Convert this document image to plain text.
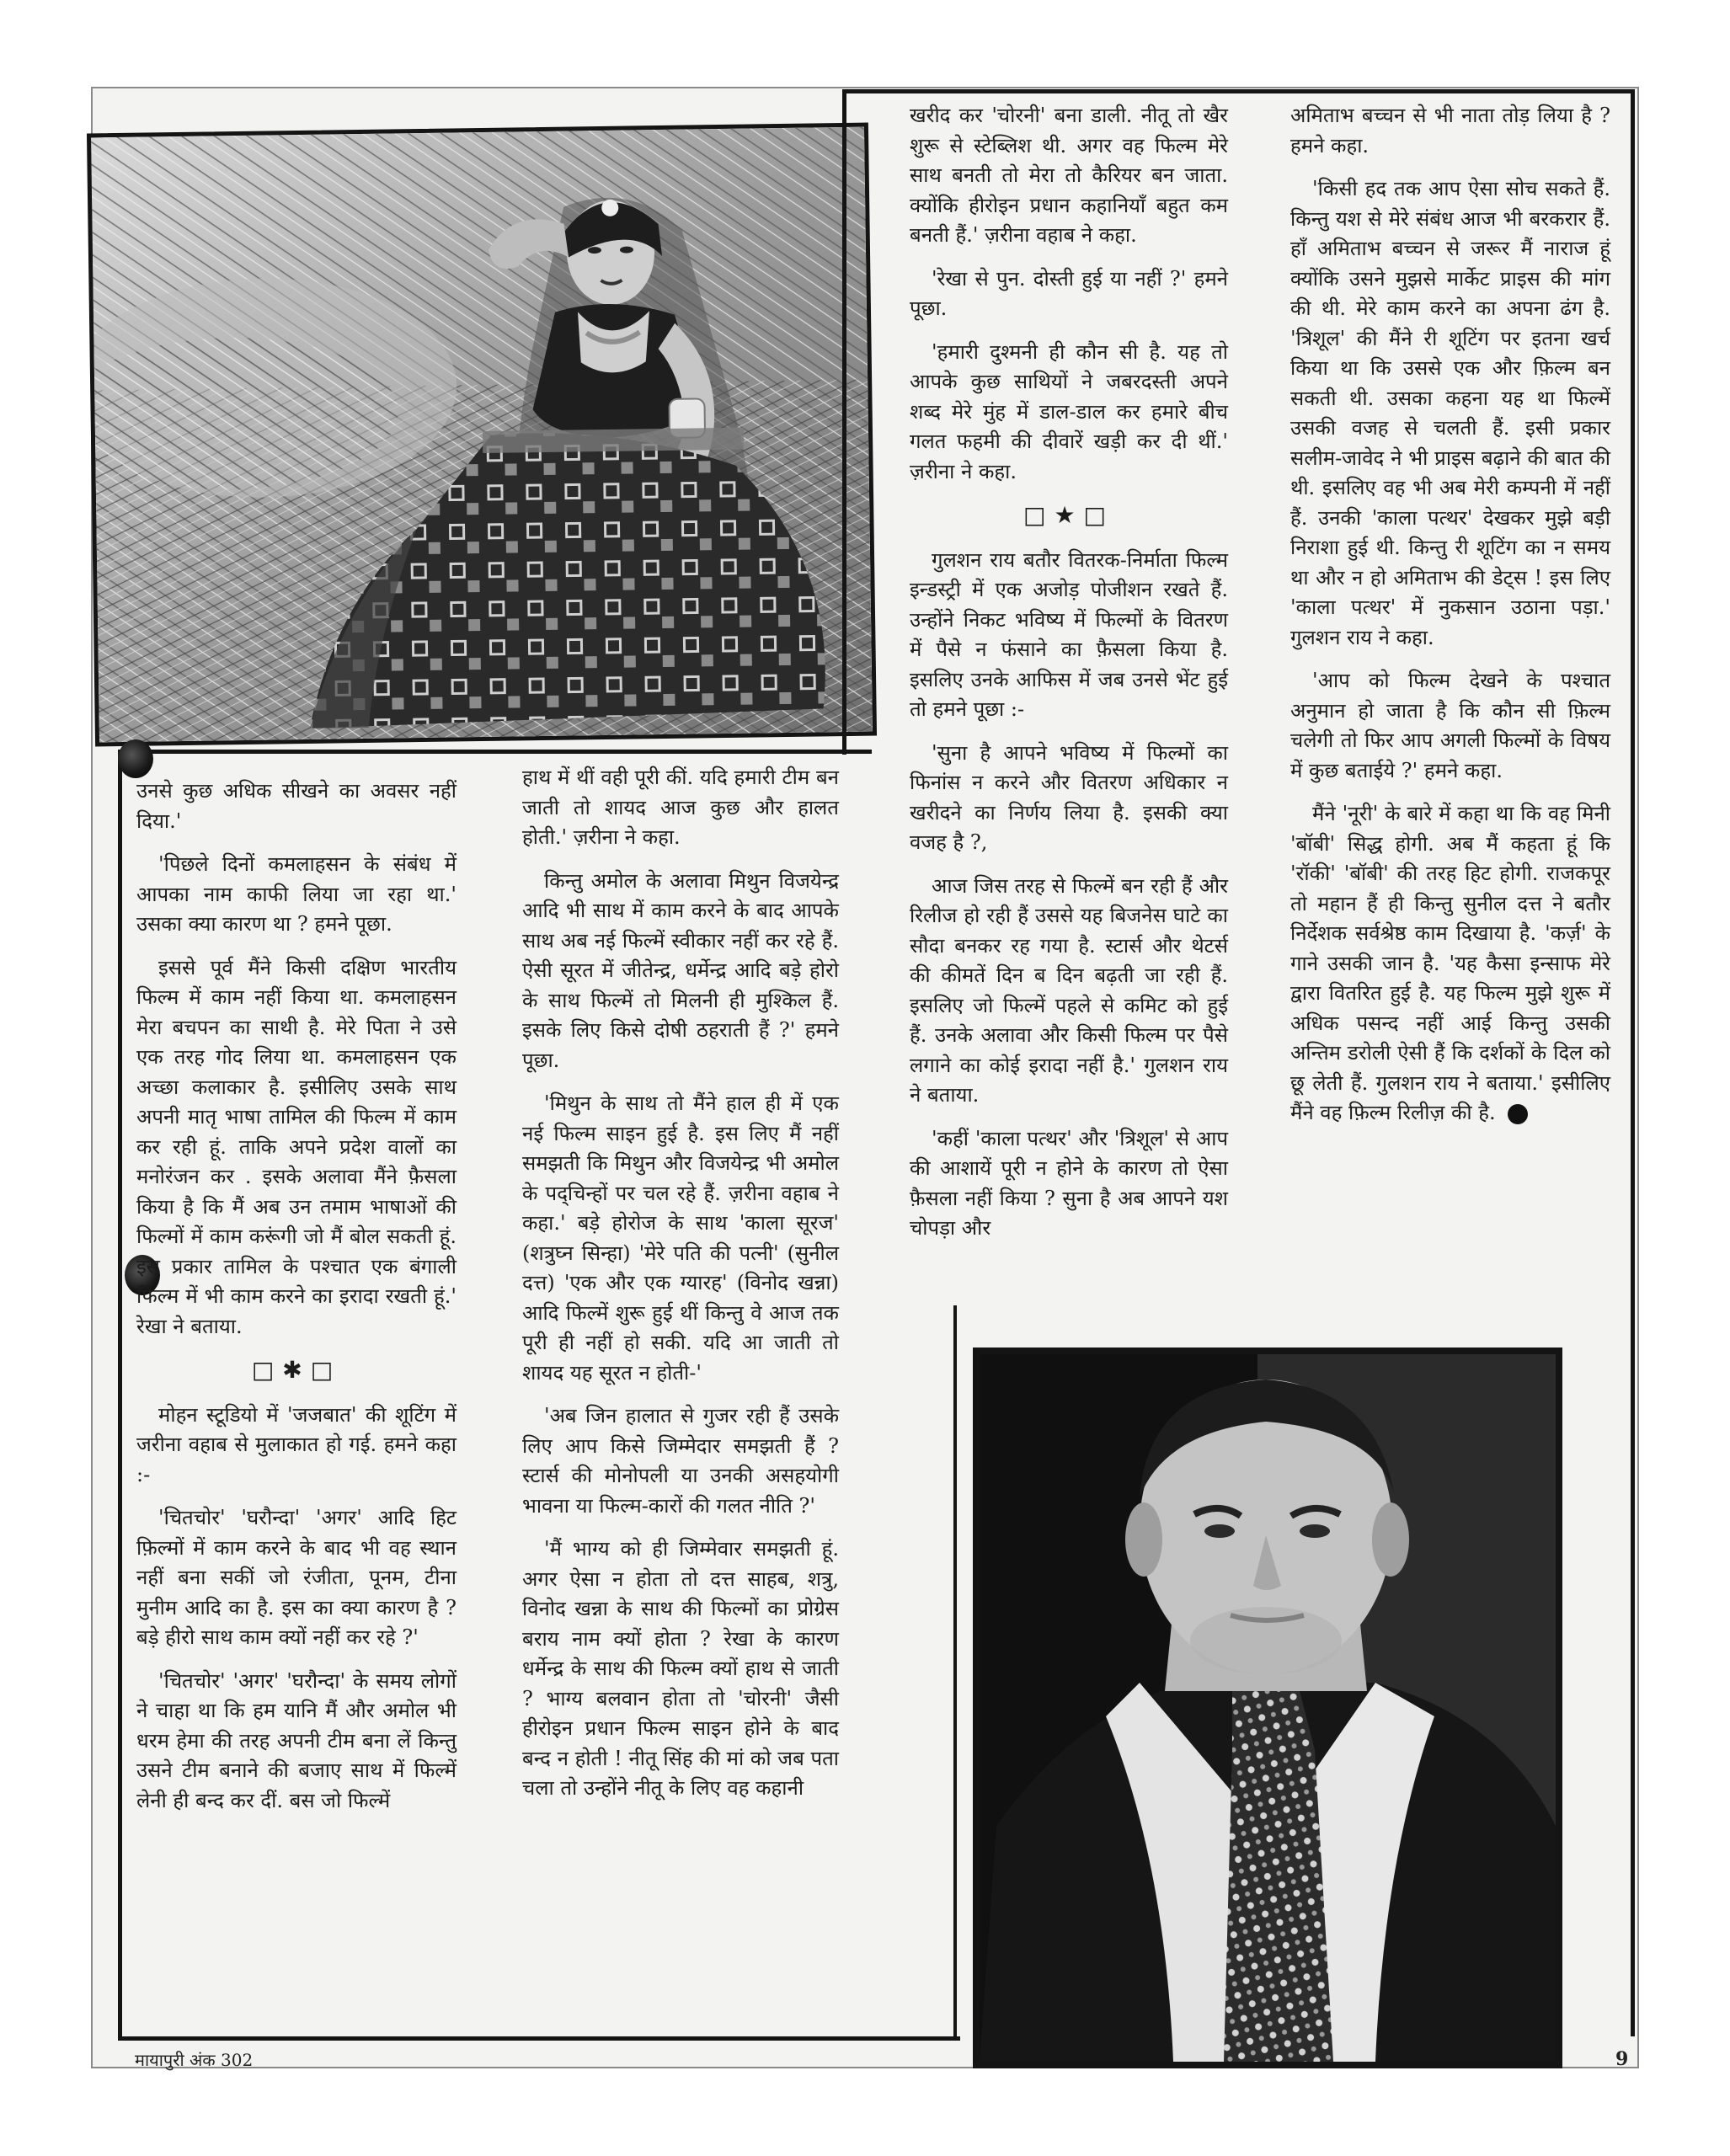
उनसे कुछ अधिक सीखने का अवसर नहीं दिया.'

'पिछले दिनों कमलाहसन के संबंध में आपका नाम काफी लिया जा रहा था.' उसका क्या कारण था ? हमने पूछा.

इससे पूर्व मैंने किसी दक्षिण भारतीय फिल्म में काम नहीं किया था. कमलाहसन मेरा बचपन का साथी है. मेरे पिता ने उसे एक तरह गोद लिया था. कमलाहसन एक अच्छा कलाकार है. इसीलिए उसके साथ अपनी मातृ भाषा तामिल की फिल्म में काम कर रही हूं. ताकि अपने प्रदेश वालों का मनोरंजन कर . इसके अलावा मैंने फ़ैसला किया है कि मैं अब उन तमाम भाषाओं की फिल्मों में काम करूंगी जो मैं बोल सकती हूं. इस प्रकार तामिल के पश्चात एक बंगाली फिल्म में भी काम करने का इरादा रखती हूं.' रेखा ने बताया.

□✱□

मोहन स्टूडियो में 'जजबात' की शूटिंग में जरीना वहाब से मुलाकात हो गई. हमने कहा :-

'चितचोर' 'घरौन्दा' 'अगर' आदि हिट फ़िल्मों में काम करने के बाद भी वह स्थान नहीं बना सकीं जो रंजीता, पूनम, टीना मुनीम आदि का है. इस का क्या कारण है ? बड़े हीरो साथ काम क्यों नहीं कर रहे ?'

'चितचोर' 'अगर' 'घरौन्दा' के समय लोगों ने चाहा था कि हम यानि मैं और अमोल भी धरम हेमा की तरह अपनी टीम बना लें किन्तु उसने टीम बनाने की बजाए साथ में फिल्में लेनी ही बन्द कर दीं. बस जो फिल्में

हाथ में थीं वही पूरी कीं. यदि हमारी टीम बन जाती तो शायद आज कुछ और हालत होती.' ज़रीना ने कहा.

किन्तु अमोल के अलावा मिथुन विजयेन्द्र आदि भी साथ में काम करने के बाद आपके साथ अब नई फिल्में स्वीकार नहीं कर रहे हैं. ऐसी सूरत में जीतेन्द्र, धर्मेन्द्र आदि बड़े होरो के साथ फिल्में तो मिलनी ही मुश्किल हैं. इसके लिए किसे दोषी ठहराती हैं ?' हमने पूछा.

'मिथुन के साथ तो मैंने हाल ही में एक नई फिल्म साइन हुई है. इस लिए मैं नहीं समझती कि मिथुन और विजयेन्द्र भी अमोल के पद्‌चिन्हों पर चल रहे हैं. ज़रीना वहाब ने कहा.' बड़े होरोज के साथ 'काला सूरज' (शत्रुघ्न सिन्हा) 'मेरे पति की पत्नी' (सुनील दत्त) 'एक और एक ग्यारह' (विनोद खन्ना) आदि फिल्में शुरू हुई थीं किन्तु वे आज तक पूरी ही नहीं हो सकी. यदि आ जाती तो शायद यह सूरत न होती-'

'अब जिन हालात से गुजर रही हैं उसके लिए आप किसे जिम्मेदार समझती हैं ? स्टार्स की मोनोपली या उनकी असहयोगी भावना या फिल्म-कारों की गलत नीति ?'

'मैं भाग्य को ही जिम्मेवार समझती हूं. अगर ऐसा न होता तो दत्त साहब, शत्रु, विनोद खन्ना के साथ की फिल्मों का प्रोग्रेस बराय नाम क्यों होता ? रेखा के कारण धर्मेन्द्र के साथ की फिल्म क्यों हाथ से जाती ? भाग्य बलवान होता तो 'चोरनी' जैसी हीरोइन प्रधान फिल्म साइन होने के बाद बन्द न होती ! नीतू सिंह की मां को जब पता चला तो उन्होंने नीतू के लिए वह कहानी

खरीद कर 'चोरनी' बना डाली. नीतू तो खैर शुरू से स्टेब्लिश थी. अगर वह फिल्म मेरे साथ बनती तो मेरा तो कैरियर बन जाता. क्योंकि हीरोइन प्रधान कहानियाँ बहुत कम बनती हैं.' ज़रीना वहाब ने कहा.

'रेखा से पुन. दोस्ती हुई या नहीं ?' हमने पूछा.

'हमारी दुश्मनी ही कौन सी है. यह तो आपके कुछ साथियों ने जबरदस्ती अपने शब्द मेरे मुंह में डाल-डाल कर हमारे बीच गलत फहमी की दीवारें खड़ी कर दी थीं.' ज़रीना ने कहा.

□★□

गुलशन राय बतौर वितरक-निर्माता फिल्म इन्डस्ट्री में एक अजोड़ पोजीशन रखते हैं. उन्होंने निकट भविष्य में फिल्मों के वितरण में पैसे न फंसाने का फ़ैसला किया है. इसलिए उनके आफिस में जब उनसे भेंट हुई तो हमने पूछा :-

'सुना है आपने भविष्य में फिल्मों का फिनांस न करने और वितरण अधिकार न खरीदने का निर्णय लिया है. इसकी क्या वजह है ?,

आज जिस तरह से फिल्में बन रही हैं और रिलीज हो रही हैं उससे यह बिजनेस घाटे का सौदा बनकर रह गया है. स्टार्स और थेटर्स की कीमतें दिन ब दिन बढ़ती जा रही हैं. इसलिए जो फिल्में पहले से कमिट को हुई हैं. उनके अलावा और किसी फिल्म पर पैसे लगाने का कोई इरादा नहीं है.' गुलशन राय ने बताया.

'कहीं 'काला पत्थर' और 'त्रिशूल' से आप की आशायें पूरी न होने के कारण तो ऐसा फ़ैसला नहीं किया ? सुना है अब आपने यश चोपड़ा और

अमिताभ बच्चन से भी नाता तोड़ लिया है ? हमने कहा.

'किसी हद तक आप ऐसा सोच सकते हैं. किन्तु यश से मेरे संबंध आज भी बरकरार हैं. हाँ अमिताभ बच्चन से जरूर मैं नाराज हूं क्योंकि उसने मुझसे मार्केट प्राइस की मांग की थी. मेरे काम करने का अपना ढंग है. 'त्रिशूल' की मैंने री शूटिंग पर इतना खर्च किया था कि उससे एक और फ़िल्म बन सकती थी. उसका कहना यह था फिल्में उसकी वजह से चलती हैं. इसी प्रकार सलीम-जावेद ने भी प्राइस बढ़ाने की बात की थी. इसलिए वह भी अब मेरी कम्पनी में नहीं हैं. उनकी 'काला पत्थर' देखकर मुझे बड़ी निराशा हुई थी. किन्तु री शूटिंग का न समय था और न हो अमिताभ की डेट्स ! इस लिए 'काला पत्थर' में नुकसान उठाना पड़ा.' गुलशन राय ने कहा.

'आप को फिल्म देखने के पश्चात अनुमान हो जाता है कि कौन सी फ़िल्म चलेगी तो फिर आप अगली फिल्मों के विषय में कुछ बताईये ?' हमने कहा.

मैंने 'नूरी' के बारे में कहा था कि वह मिनी 'बॉबी' सिद्ध होगी. अब मैं कहता हूं कि 'रॉकी' 'बॉबी' की तरह हिट होगी. राजकपूर तो महान हैं ही किन्तु सुनील दत्त ने बतौर निर्देशक सर्वश्रेष्ठ काम दिखाया है. 'कर्ज़' के गाने उसकी जान है. 'यह कैसा इन्साफ मेरे द्वारा वितरित हुई है. यह फिल्म मुझे शुरू में अधिक पसन्द नहीं आई किन्तु उसकी अन्तिम डरोली ऐसी हैं कि दर्शकों के दिल को छू लेती हैं. गुलशन राय ने बताया.' इसीलिए मैंने वह फ़िल्म रिलीज़ की है.

मायापुरी अंक 302	9
